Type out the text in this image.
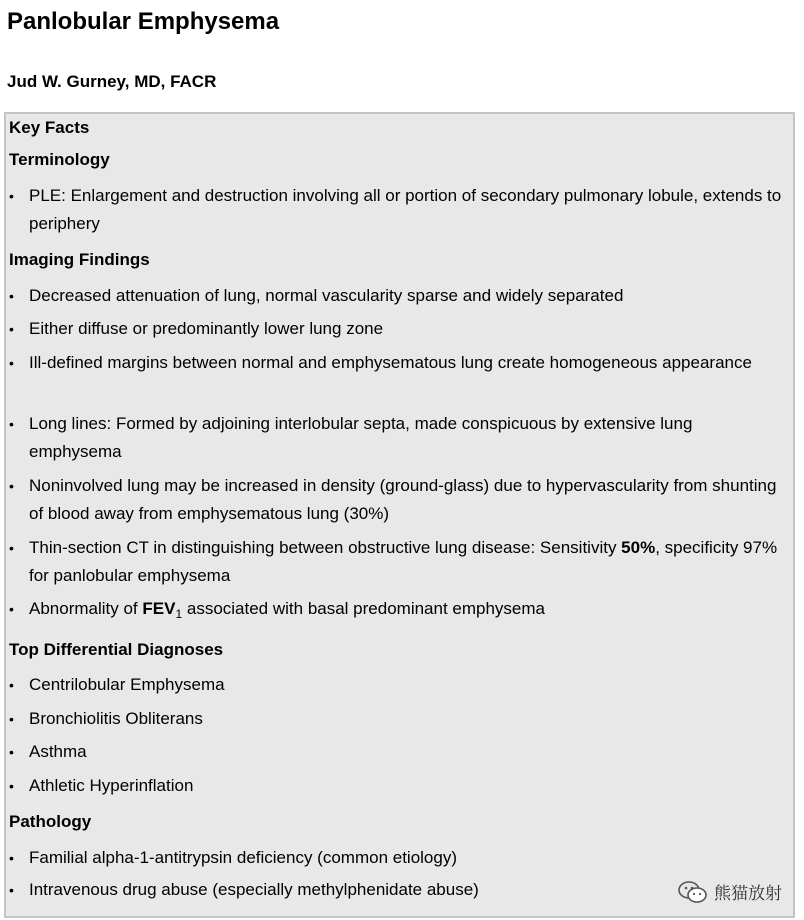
Panlobular Emphysema

Jud W. Gurney, MD, FACR

Key Facts
Terminology
• PLE: Enlargement and destruction involving all or portion of secondary pulmonary lobule, extends to periphery
Imaging Findings
• Decreased attenuation of lung, normal vascularity sparse and widely separated
• Either diffuse or predominantly lower lung zone
• Ill-defined margins between normal and emphysematous lung create homogeneous appearance
• Long lines: Formed by adjoining interlobular septa, made conspicuous by extensive lung emphysema
• Noninvolved lung may be increased in density (ground-glass) due to hypervascularity from shunting of blood away from emphysematous lung (30%)
• Thin-section CT in distinguishing between obstructive lung disease: Sensitivity 50%, specificity 97% for panlobular emphysema
• Abnormality of $FEV_1$ associated with basal predominant emphysema
Top Differential Diagnoses
• Centrilobular Emphysema
• Bronchiolitis Obliterans
• Asthma
• Athletic Hyperinflation
Pathology
• Familial alpha-1-antitrypsin deficiency (common etiology)
• Intravenous drug abuse (especially methylphenidate abuse)	熊猫放射
